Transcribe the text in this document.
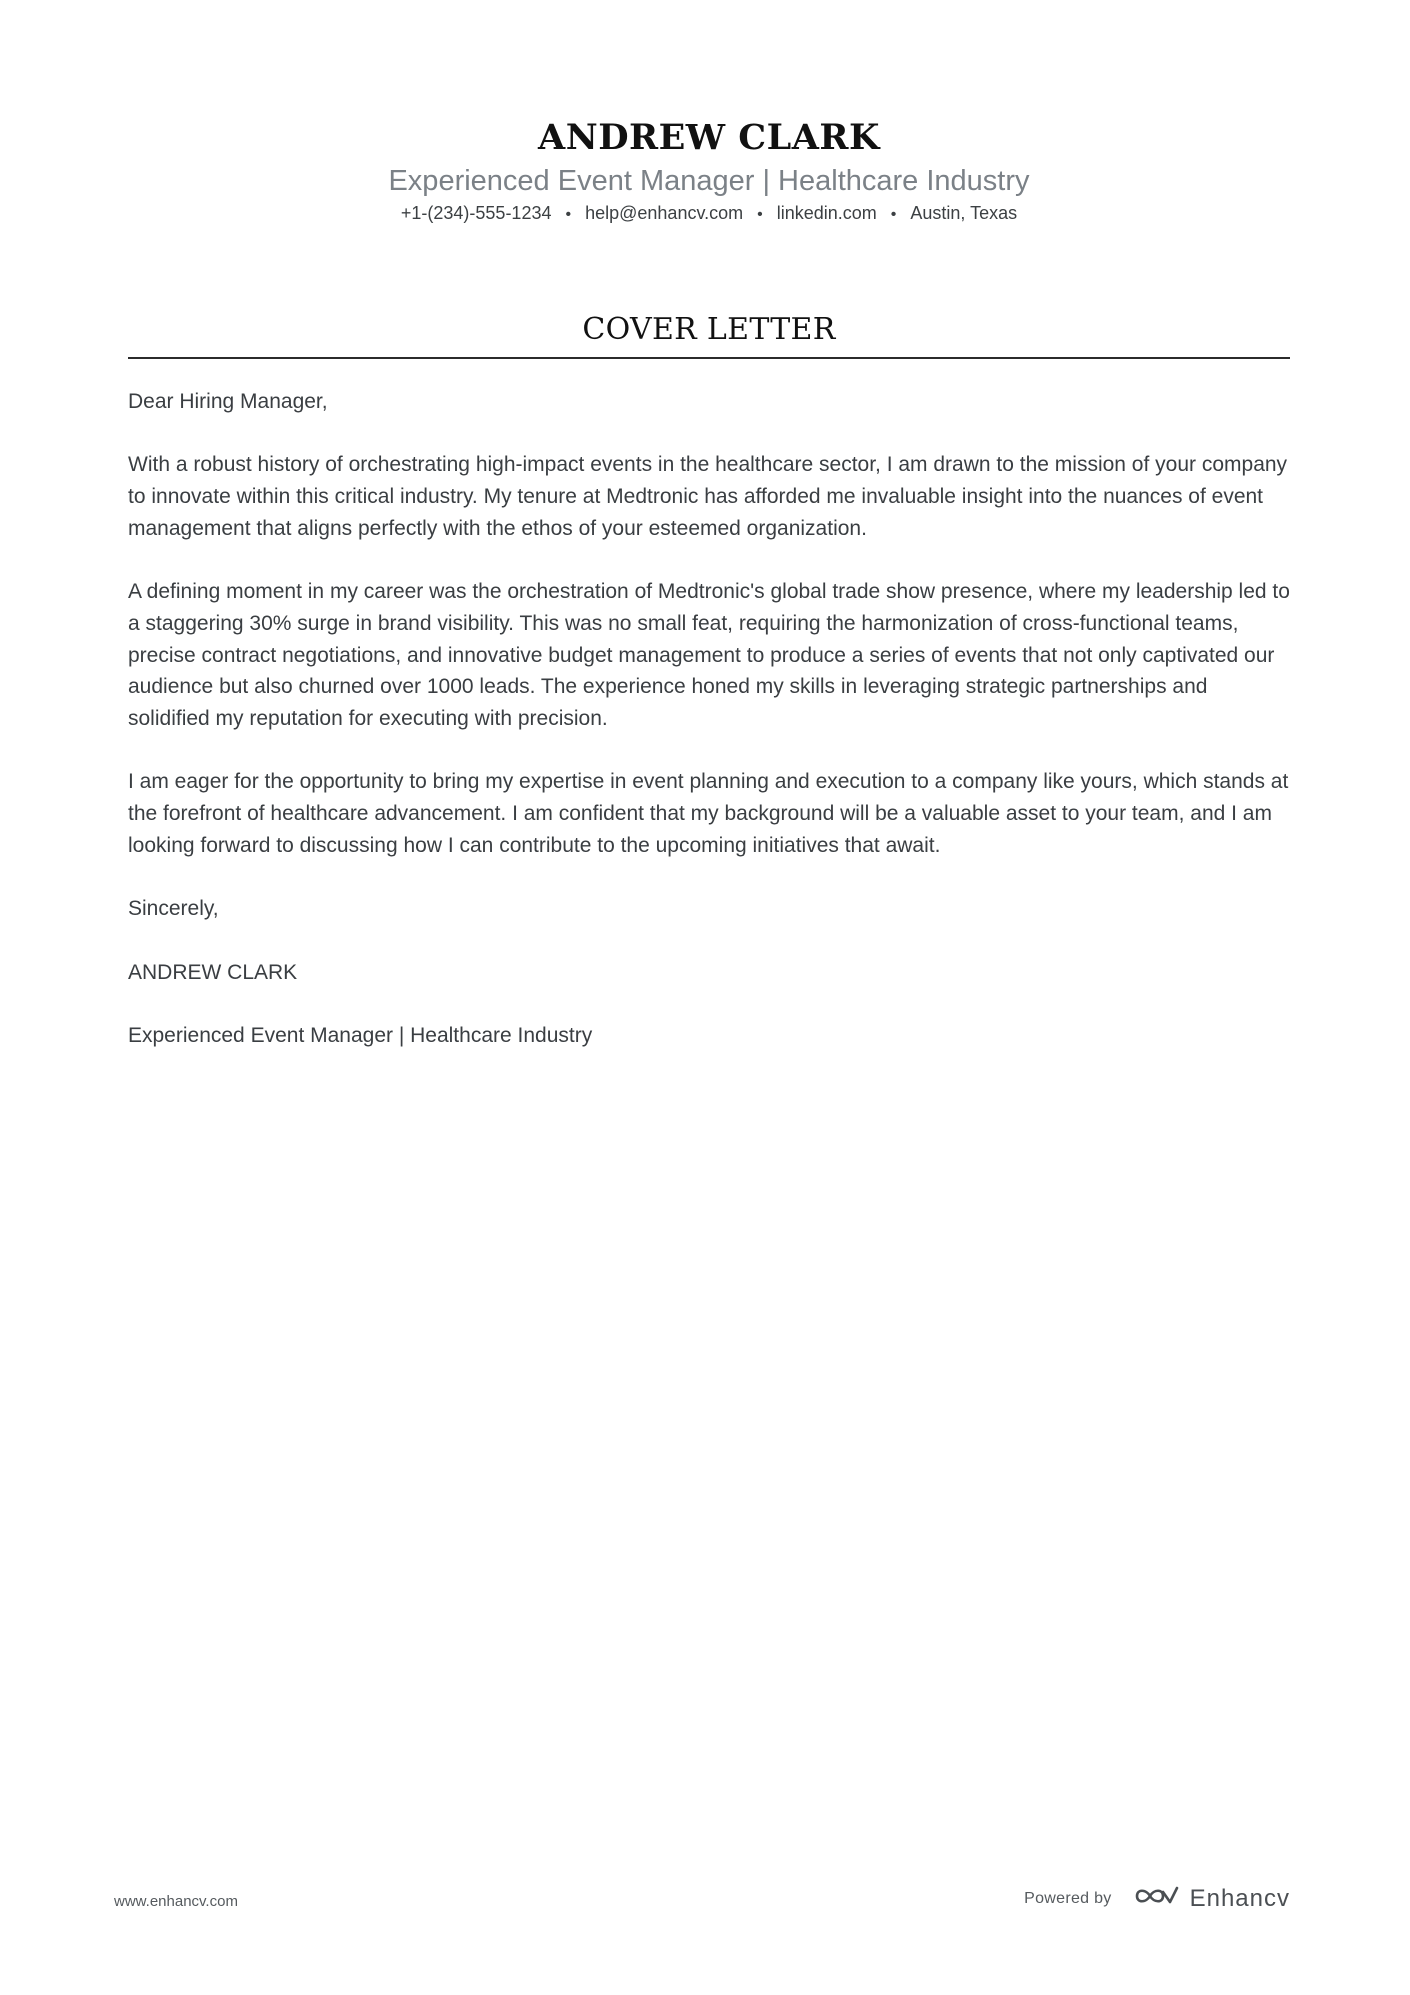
ANDREW CLARK
Experienced Event Manager | Healthcare Industry
+1-(234)-555-1234 • help@enhancv.com • linkedin.com • Austin, Texas
COVER LETTER

Dear Hiring Manager,

With a robust history of orchestrating high-impact events in the healthcare sector, I am drawn to the mission of your company to innovate within this critical industry. My tenure at Medtronic has afforded me invaluable insight into the nuances of event management that aligns perfectly with the ethos of your esteemed organization.

A defining moment in my career was the orchestration of Medtronic's global trade show presence, where my leadership led to a staggering 30% surge in brand visibility. This was no small feat, requiring the harmonization of cross-functional teams, precise contract negotiations, and innovative budget management to produce a series of events that not only captivated our audience but also churned over 1000 leads. The experience honed my skills in leveraging strategic partnerships and solidified my reputation for executing with precision.

I am eager for the opportunity to bring my expertise in event planning and execution to a company like yours, which stands at the forefront of healthcare advancement. I am confident that my background will be a valuable asset to your team, and I am looking forward to discussing how I can contribute to the upcoming initiatives that await.

Sincerely,

ANDREW CLARK

Experienced Event Manager | Healthcare Industry

www.enhancv.com	Powered by	Enhancv
